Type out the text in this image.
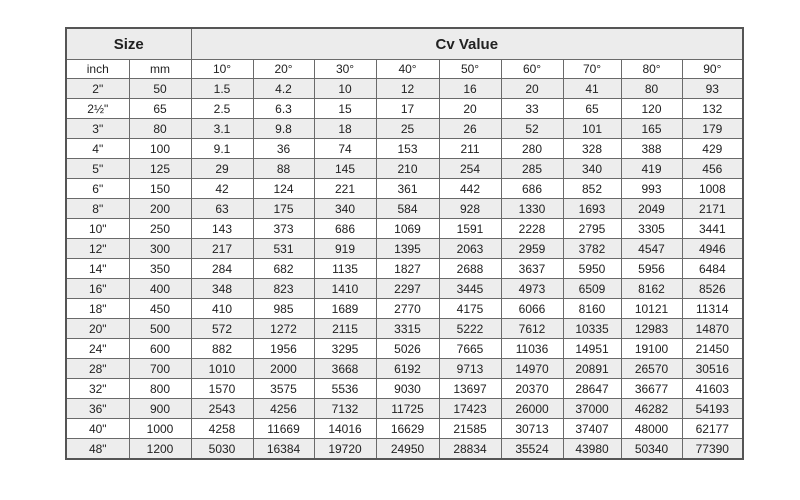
Size		Cv Value								
inch	mm	10°	20°	30°	40°	50°	60°	70°	80°	90°
2"	50	1.5	4.2	10	12	16	20	41	80	93
2½"	65	2.5	6.3	15	17	20	33	65	120	132
3"	80	3.1	9.8	18	25	26	52	101	165	179
4"	100	9.1	36	74	153	211	280	328	388	429
5"	125	29	88	145	210	254	285	340	419	456
6"	150	42	124	221	361	442	686	852	993	1008
8"	200	63	175	340	584	928	1330	1693	2049	2171
10"	250	143	373	686	1069	1591	2228	2795	3305	3441
12"	300	217	531	919	1395	2063	2959	3782	4547	4946
14"	350	284	682	1135	1827	2688	3637	5950	5956	6484
16"	400	348	823	1410	2297	3445	4973	6509	8162	8526
18"	450	410	985	1689	2770	4175	6066	8160	10121	11314
20"	500	572	1272	2115	3315	5222	7612	10335	12983	14870
24"	600	882	1956	3295	5026	7665	11036	14951	19100	21450
28"	700	1010	2000	3668	6192	9713	14970	20891	26570	30516
32"	800	1570	3575	5536	9030	13697	20370	28647	36677	41603
36"	900	2543	4256	7132	11725	17423	26000	37000	46282	54193
40"	1000	4258	11669	14016	16629	21585	30713	37407	48000	62177
48"	1200	5030	16384	19720	24950	28834	35524	43980	50340	77390
